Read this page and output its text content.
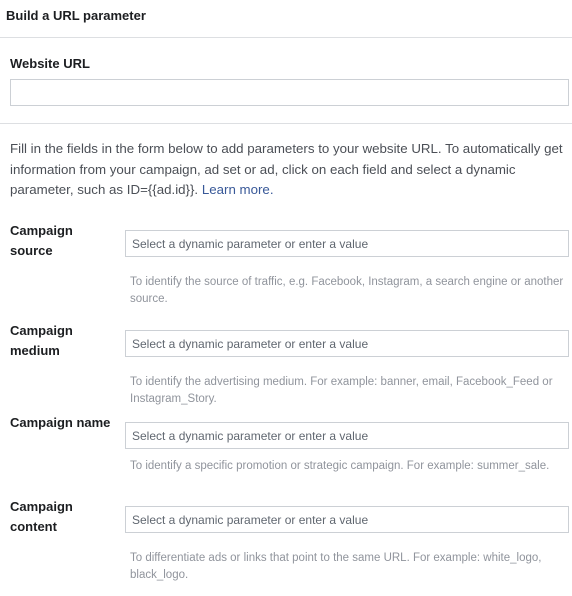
Build a URL parameter
Website URL
Fill in the fields in the form below to add parameters to your website URL. To automatically get information from your campaign, ad set or ad, click on each field and select a dynamic parameter, such as ID={{ad.id}}. Learn more.
Campaign source
Select a dynamic parameter or enter a value
To identify the source of traffic, e.g. Facebook, Instagram, a search engine or another source.
Campaign medium
Select a dynamic parameter or enter a value
To identify the advertising medium. For example: banner, email, Facebook_Feed or Instagram_Story.
Campaign name
Select a dynamic parameter or enter a value
To identify a specific promotion or strategic campaign. For example: summer_sale.
Campaign content
Select a dynamic parameter or enter a value
To differentiate ads or links that point to the same URL. For example: white_logo, black_logo.
